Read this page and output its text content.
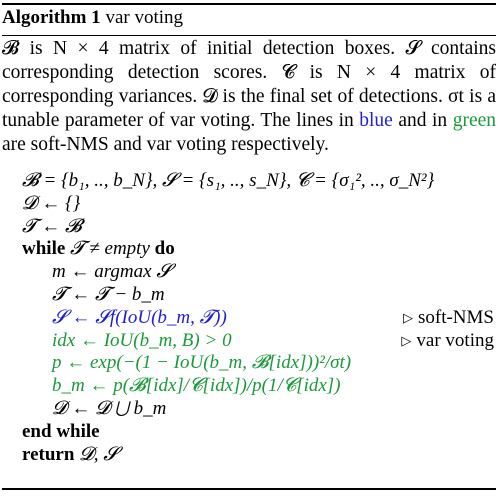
Algorithm 1 var voting
𝓑 is N × 4 matrix of initial detection boxes. 𝓢 contains corresponding detection scores. 𝓒 is N × 4 matrix of corresponding variances. 𝓓 is the final set of detections. σt is a tunable parameter of var voting. The lines in blue and in green are soft-NMS and var voting respectively.
𝓑 = {b₁, .., b_N}, 𝓢 = {s₁, .., s_N}, 𝓒 = {σ₁², .., σ_N²}
𝓓 ← {}
𝓣 ← 𝓑
while 𝓣 ≠ empty do
m ← argmax 𝓢
𝓣 ← 𝓣 − b_m
𝓢 ← 𝓢f(IoU(b_m, 𝓣))	▷ soft-NMS
idx ← IoU(b_m, B) > 0	▷ var voting
p ← exp(−(1 − IoU(b_m, 𝓑[idx]))²/σt)
b_m ← p(𝓑[idx]/𝓒[idx])/p(1/𝓒[idx])
𝓓 ← 𝓓 ⋃ b_m
end while
return 𝓓, 𝓢
